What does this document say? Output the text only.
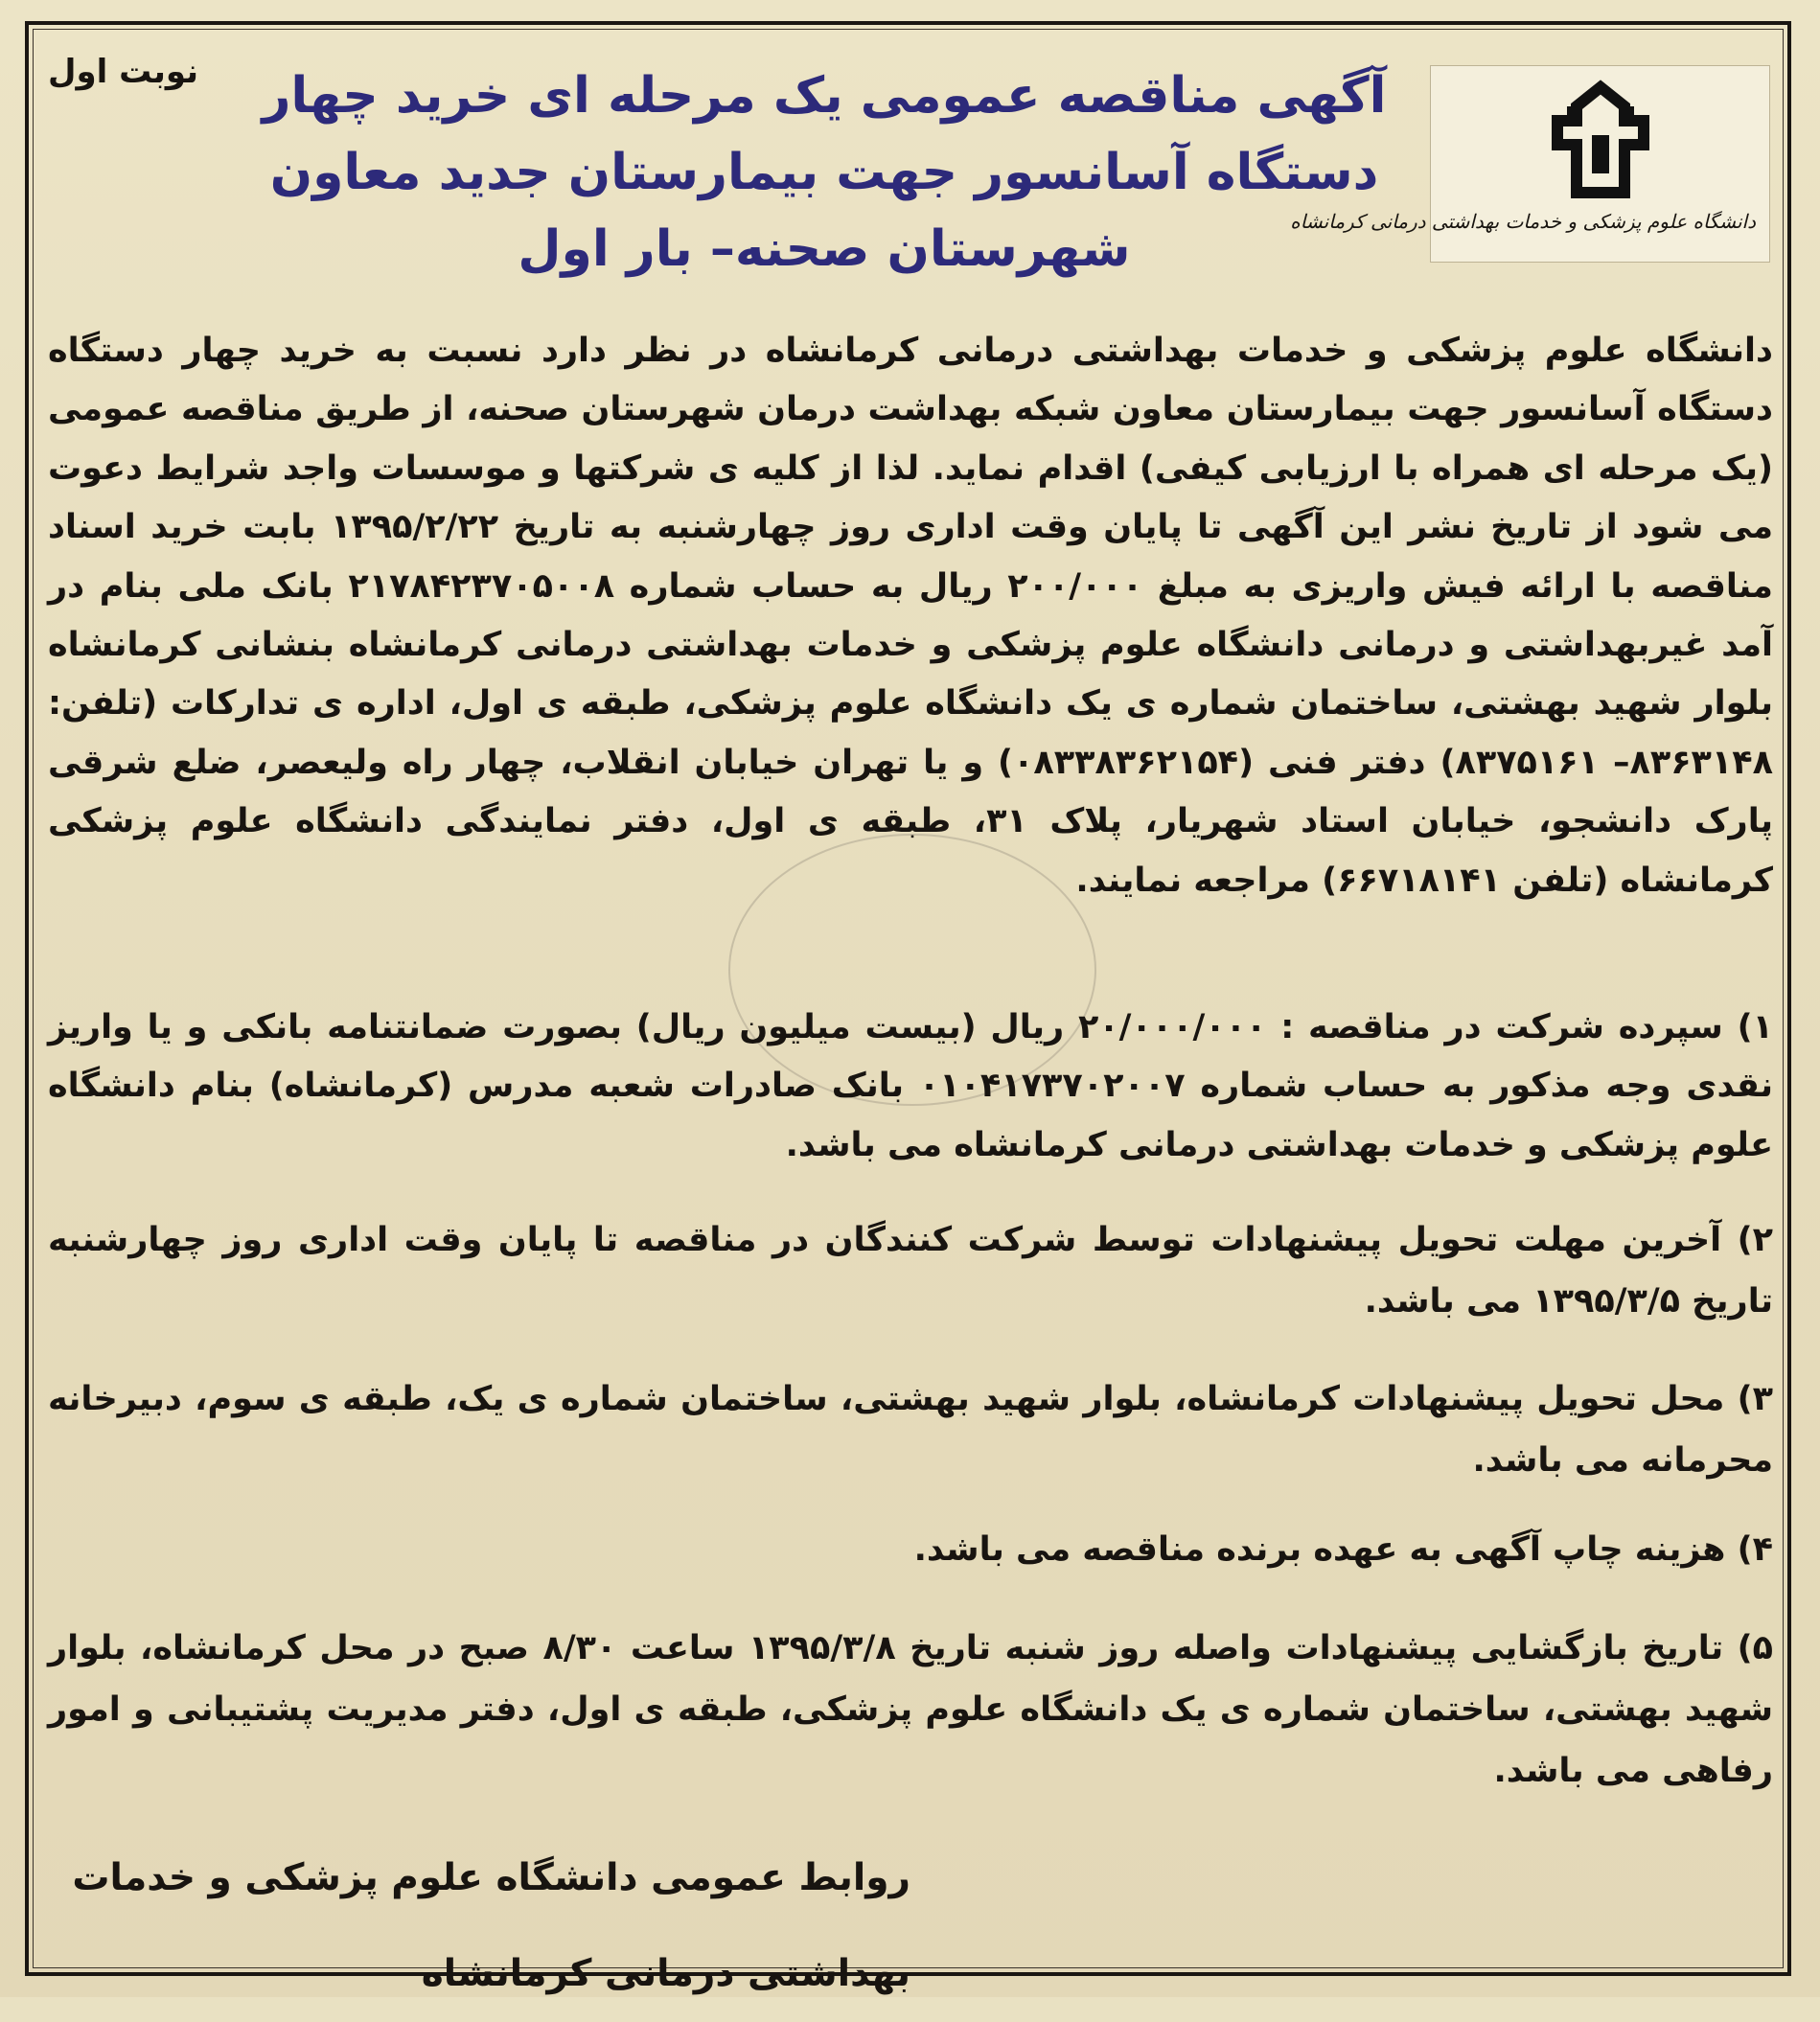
نوبت اول
دانشگاه علوم پزشکی و خدمات بهداشتی درمانی کرمانشاه
آگهی مناقصه عمومی یک مرحله ای خرید چهار
دستگاه آسانسور جهت بیمارستان جدید معاون
شهرستان صحنه– بار اول
دانشگاه علوم پزشکی و خدمات بهداشتی درمانی کرمانشاه در نظر دارد نسبت به خرید چهار دستگاه دستگاه آسانسور جهت بیمارستان معاون شبکه بهداشت درمان شهرستان صحنه، از طریق مناقصه عمومی (یک مرحله ای همراه با ارزیابی کیفی) اقدام نماید. لذا از کلیه ی شرکتها و موسسات واجد شرایط دعوت می شود از تاریخ نشر این آگهی تا پایان وقت اداری روز چهارشنبه به تاریخ ۱۳۹۵/۲/۲۲ بابت خرید اسناد مناقصه با ارائه فیش واریزی به مبلغ ۲۰۰/۰۰۰ ریال به حساب شماره ۲۱۷۸۴۲۳۷۰۵۰۰۸ بانک ملی بنام در آمد غیربهداشتی و درمانی دانشگاه علوم پزشکی و خدمات بهداشتی درمانی کرمانشاه بنشانی کرمانشاه بلوار شهید بهشتی، ساختمان شماره ی یک دانشگاه علوم پزشکی، طبقه ی اول، اداره ی تدارکات (تلفن: ۸۳۶۳۱۴۸– ۸۳۷۵۱۶۱) دفتر فنی (۰۸۳۳۸۳۶۲۱۵۴) و یا تهران خیابان انقلاب، چهار راه ولیعصر، ضلع شرقی پارک دانشجو، خیابان استاد شهریار، پلاک ۳۱، طبقه ی اول، دفتر نمایندگی دانشگاه علوم پزشکی کرمانشاه (تلفن ۶۶۷۱۸۱۴۱) مراجعه نمایند.
۱) سپرده شرکت در مناقصه : ۲۰/۰۰۰/۰۰۰ ریال (بیست میلیون ریال) بصورت ضمانتنامه بانکی و یا واریز نقدی وجه مذکور به حساب شماره ۰۱۰۴۱۷۳۷۰۲۰۰۷ بانک صادرات شعبه مدرس (کرمانشاه) بنام دانشگاه علوم پزشکی و خدمات بهداشتی درمانی کرمانشاه می باشد.
۲) آخرین مهلت تحویل پیشنهادات توسط شرکت کنندگان در مناقصه تا پایان وقت اداری روز چهارشنبه تاریخ ۱۳۹۵/۳/۵ می باشد.
۳) محل تحویل پیشنهادات کرمانشاه، بلوار شهید بهشتی، ساختمان شماره ی یک، طبقه ی سوم، دبیرخانه محرمانه می باشد.
۴) هزینه چاپ آگهی به عهده برنده مناقصه می باشد.
۵) تاریخ بازگشایی پیشنهادات واصله روز شنبه تاریخ ۱۳۹۵/۳/۸ ساعت ۸/۳۰ صبح در محل کرمانشاه، بلوار شهید بهشتی، ساختمان شماره ی یک دانشگاه علوم پزشکی، طبقه ی اول، دفتر مدیریت پشتیبانی و امور رفاهی می باشد.
روابط عمومی دانشگاه علوم پزشکی و خدمات
بهداشتی درمانی کرمانشاه
